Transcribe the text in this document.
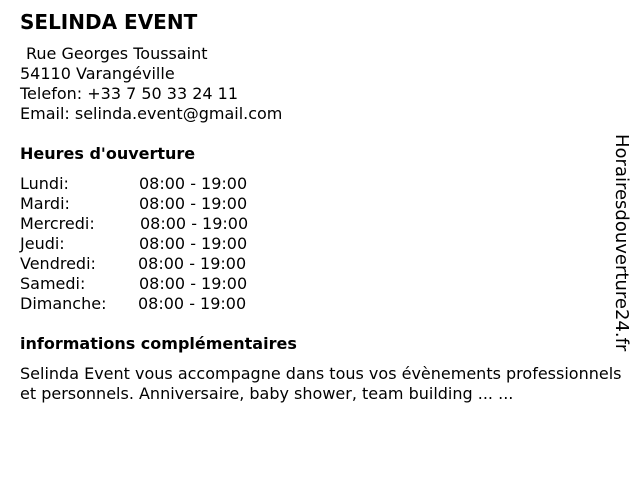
SELINDA EVENT
Rue Georges Toussaint
54110 Varangéville
Telefon: +33 7 50 33 24 11
Email: selinda.event@gmail.com
Heures d'ouverture
Lundi:	08:00 - 19:00
Mardi:	08:00 - 19:00
Mercredi:	08:00 - 19:00
Jeudi:	08:00 - 19:00
Vendredi:	08:00 - 19:00
Samedi:	08:00 - 19:00
Dimanche: 08:00 - 19:00
informations complémentaires
Selinda Event vous accompagne dans tous vos évènements professionnels et personnels. Anniversaire, baby shower, team building ... ...
Horairesdouverture24.fr
